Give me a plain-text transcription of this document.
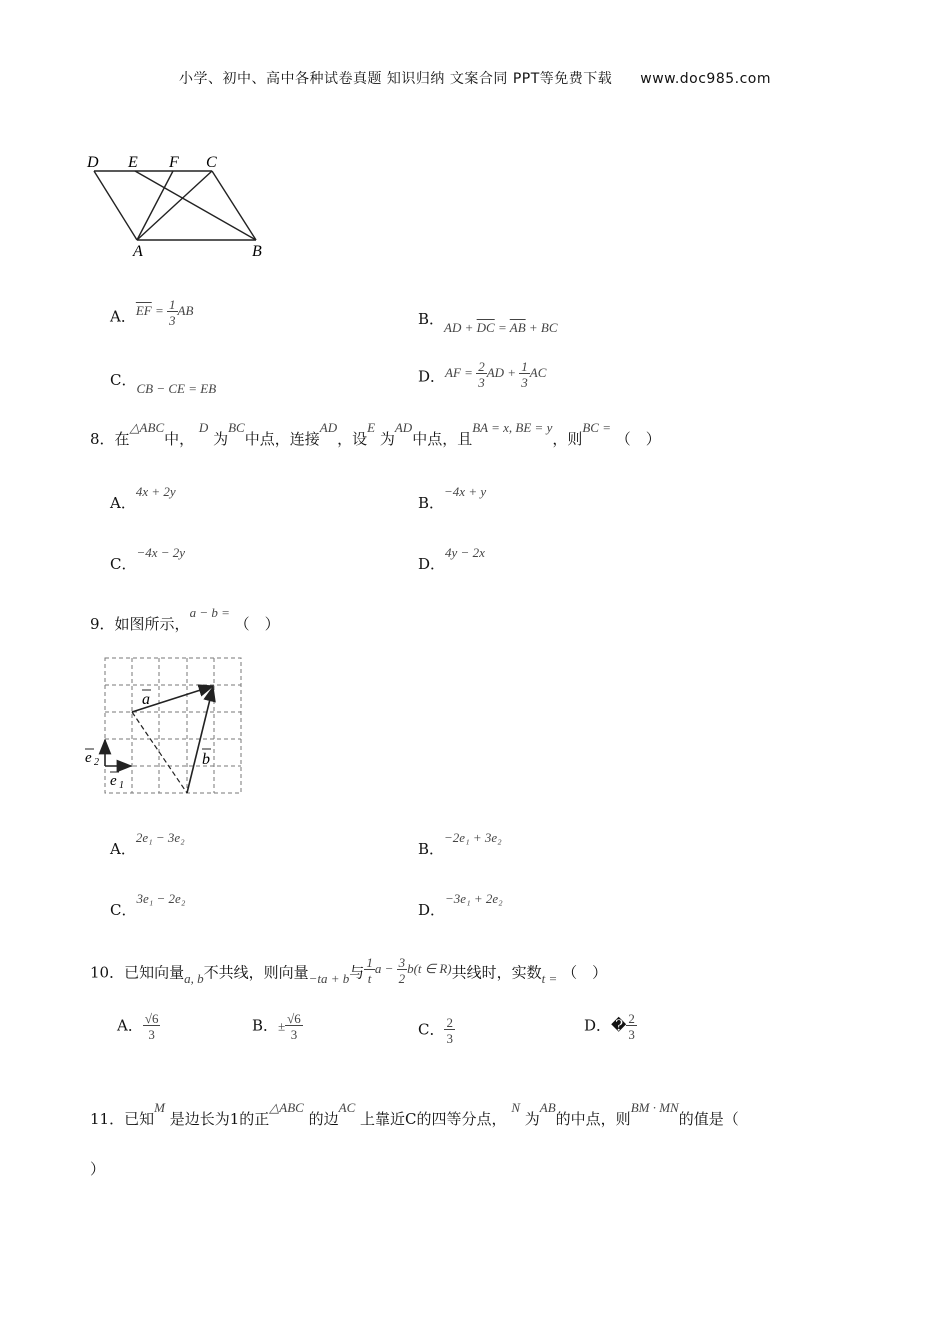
小学、初中、高中各种试卷真题 知识归纳 文案合同 PPT等免费下载 www.doc985.com
D E F C
A	B
A．$\overline{EF} = \frac{1}{3}$ AB	B．AD + $\overline{DC} = \overline{AB}$ + BC
C．CB − CE = EB
D．AF = $\frac{2}{3}$ AD + $\frac{1}{3}$ AC
8．在△ABC中， D 为BC中点，连接AD，设E 为AD中点，且BA = x, BE = y，则BC = （　）
A．4x + 2y
B．−4x + y
C．−4x − 2y
D．4y − 2x
9．如图所示，a − b = （　）
a
b
e 2
e 1
A．2e₁ − 3e₂
B．−2e₁ + 3e₂
C．3e₁ − 2e₂
D．−3e₁ + 2e₂
10．已知向量a, b不共线，则向量−ta + b与 $\frac{1}{t}$ $a - \frac{3}{2} b(t$ ∈ R)共线时，实数t = （　）
A． $\frac{√6}{3}$	B．± $\frac{√6}{3}$	C． $\frac{2}{3}$	D．� $\frac{2}{3}$
11．已知M 是边长为1的正△ABC 的边AC 上靠近C的四等分点， N 为AB的中点，则BM · MN的值是（
）
